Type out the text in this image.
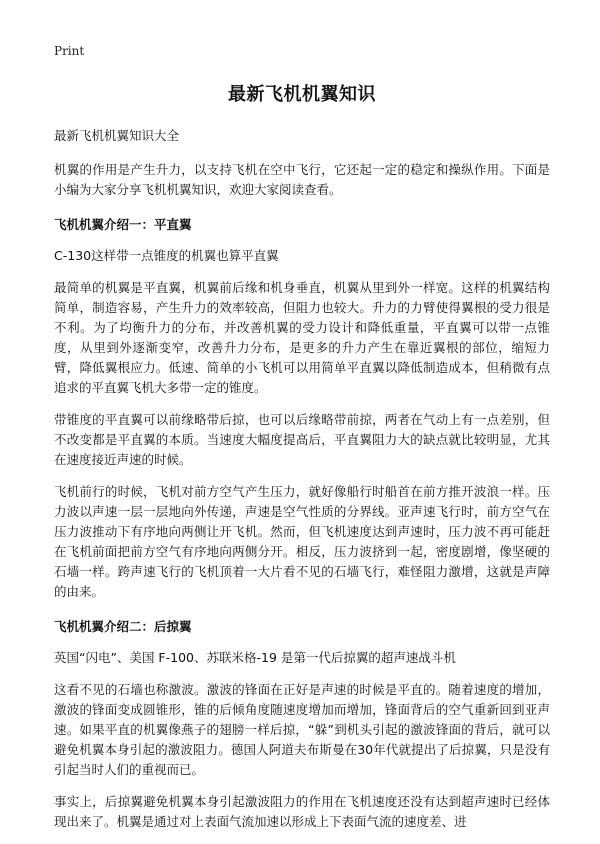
Print
最新飞机机翼知识

最新飞机机翼知识大全

机翼的作用是产生升力，以支持飞机在空中飞行，它还起一定的稳定和操纵作用。下面是小编为大家分享飞机机翼知识，欢迎大家阅读查看。

飞机机翼介绍一：平直翼

C-130这样带一点锥度的机翼也算平直翼

最简单的机翼是平直翼，机翼前后缘和机身垂直，机翼从里到外一样宽。这样的机翼结构简单，制造容易，产生升力的效率较高，但阻力也较大。升力的力臂使得翼根的受力很是不利。为了均衡升力的分布，并改善机翼的受力设计和降低重量，平直翼可以带一点锥度，从里到外逐渐变窄，改善升力分布，是更多的升力产生在靠近翼根的部位，缩短力臂，降低翼根应力。低速、简单的小飞机可以用简单平直翼以降低制造成本，但稍微有点追求的平直翼飞机大多带一定的锥度。

带锥度的平直翼可以前缘略带后掠，也可以后缘略带前掠，两者在气动上有一点差别，但不改变都是平直翼的本质。当速度大幅度提高后，平直翼阻力大的缺点就比较明显，尤其在速度接近声速的时候。

飞机前行的时候，飞机对前方空气产生压力，就好像船行时船首在前方推开波浪一样。压力波以声速一层一层地向外传递，声速是空气性质的分界线。亚声速飞行时，前方空气在压力波推动下有序地向两侧让开飞机。然而，但飞机速度达到声速时，压力波不再可能赶在飞机前面把前方空气有序地向两侧分开。相反，压力波挤到一起，密度剧增，像坚硬的石墙一样。跨声速飞行的飞机顶着一大片看不见的石墙飞行，难怪阻力激增，这就是声障的由来。

飞机机翼介绍二：后掠翼

英国“闪电”、美国 F-100、苏联米格-19 是第一代后掠翼的超声速战斗机

这看不见的石墙也称激波。激波的锋面在正好是声速的时候是平直的。随着速度的增加，激波的锋面变成圆锥形，锥的后倾角度随速度增加而增加，锋面背后的空气重新回到亚声速。如果平直的机翼像燕子的翅膀一样后掠，“躲”到机头引起的激波锋面的背后，就可以避免机翼本身引起的激波阻力。德国人阿道夫布斯曼在30年代就提出了后掠翼，只是没有引起当时人们的重视而已。

事实上，后掠翼避免机翼本身引起激波阻力的作用在飞机速度还没有达到超声速时已经体现出来了。机翼是通过对上表面气流加速以形成上下表面气流的速度差、进
